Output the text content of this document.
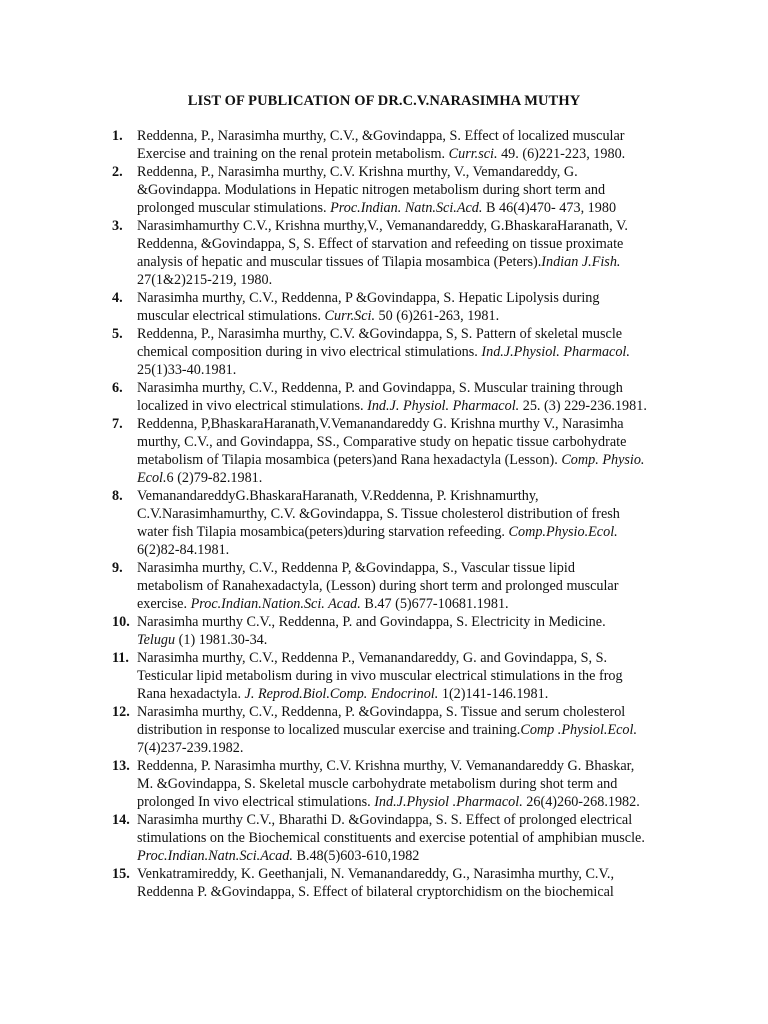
LIST OF PUBLICATION OF DR.C.V.NARASIMHA MUTHY
1.	Reddenna, P., Narasimha murthy, C.V., &Govindappa, S. Effect of localized muscular
Exercise and training on the renal protein metabolism. Curr.sci. 49. (6)221-223, 1980.
2.	Reddenna, P., Narasimha murthy, C.V. Krishna murthy, V., Vemandareddy, G.
&Govindappa. Modulations in Hepatic nitrogen metabolism during short term and
prolonged muscular stimulations. Proc.Indian. Natn.Sci.Acd. B 46(4)470- 473, 1980
3.	Narasimhamurthy C.V., Krishna murthy,V., Vemanandareddy, G.BhaskaraHaranath, V.
Reddenna, &Govindappa, S, S. Effect of starvation and refeeding on tissue proximate
analysis of hepatic and muscular tissues of Tilapia mosambica (Peters).Indian J.Fish.
27(1&2)215-219, 1980.
4.	Narasimha murthy, C.V., Reddenna, P &Govindappa, S. Hepatic Lipolysis during
muscular electrical stimulations. Curr.Sci. 50 (6)261-263, 1981.
5.	Reddenna, P., Narasimha murthy, C.V. &Govindappa, S, S. Pattern of skeletal muscle
chemical composition during in vivo electrical stimulations. Ind.J.Physiol. Pharmacol.
25(1)33-40.1981.
6.	Narasimha murthy, C.V., Reddenna, P. and Govindappa, S. Muscular training through
localized in vivo electrical stimulations. Ind.J. Physiol. Pharmacol. 25. (3) 229-236.1981.
7.	Reddenna, P,BhaskaraHaranath,V.Vemanandareddy G. Krishna murthy V., Narasimha
murthy, C.V., and Govindappa, SS., Comparative study on hepatic tissue carbohydrate
metabolism of Tilapia mosambica (peters)and Rana hexadactyla (Lesson). Comp. Physio.
Ecol.6 (2)79-82.1981.
8.	VemanandareddyG.BhaskaraHaranath, V.Reddenna, P. Krishnamurthy,
C.V.Narasimhamurthy, C.V. &Govindappa, S. Tissue cholesterol distribution of fresh
water fish Tilapia mosambica(peters)during starvation refeeding. Comp.Physio.Ecol.
6(2)82-84.1981.
9.	Narasimha murthy, C.V., Reddenna P, &Govindappa, S., Vascular tissue lipid
metabolism of Ranahexadactyla, (Lesson) during short term and prolonged muscular
exercise. Proc.Indian.Nation.Sci. Acad. B.47 (5)677-10681.1981.
10. Narasimha murthy C.V., Reddenna, P. and Govindappa, S. Electricity in Medicine.
Telugu (1) 1981.30-34.
11. Narasimha murthy, C.V., Reddenna P., Vemanandareddy, G. and Govindappa, S, S.
Testicular lipid metabolism during in vivo muscular electrical stimulations in the frog
Rana hexadactyla. J. Reprod.Biol.Comp. Endocrinol. 1(2)141-146.1981.
12. Narasimha murthy, C.V., Reddenna, P. &Govindappa, S. Tissue and serum cholesterol
distribution in response to localized muscular exercise and training.Comp .Physiol.Ecol.
7(4)237-239.1982.
13. Reddenna, P. Narasimha murthy, C.V. Krishna murthy, V. Vemanandareddy G. Bhaskar,
M. &Govindappa, S. Skeletal muscle carbohydrate metabolism during shot term and
prolonged In vivo electrical stimulations. Ind.J.Physiol .Pharmacol. 26(4)260-268.1982.
14. Narasimha murthy C.V., Bharathi D. &Govindappa, S. S. Effect of prolonged electrical
stimulations on the Biochemical constituents and exercise potential of amphibian muscle.
Proc.Indian.Natn.Sci.Acad. B.48(5)603-610,1982
15. Venkatramireddy, K. Geethanjali, N. Vemanandareddy, G., Narasimha murthy, C.V.,
Reddenna P. &Govindappa, S. Effect of bilateral cryptorchidism on the biochemical
